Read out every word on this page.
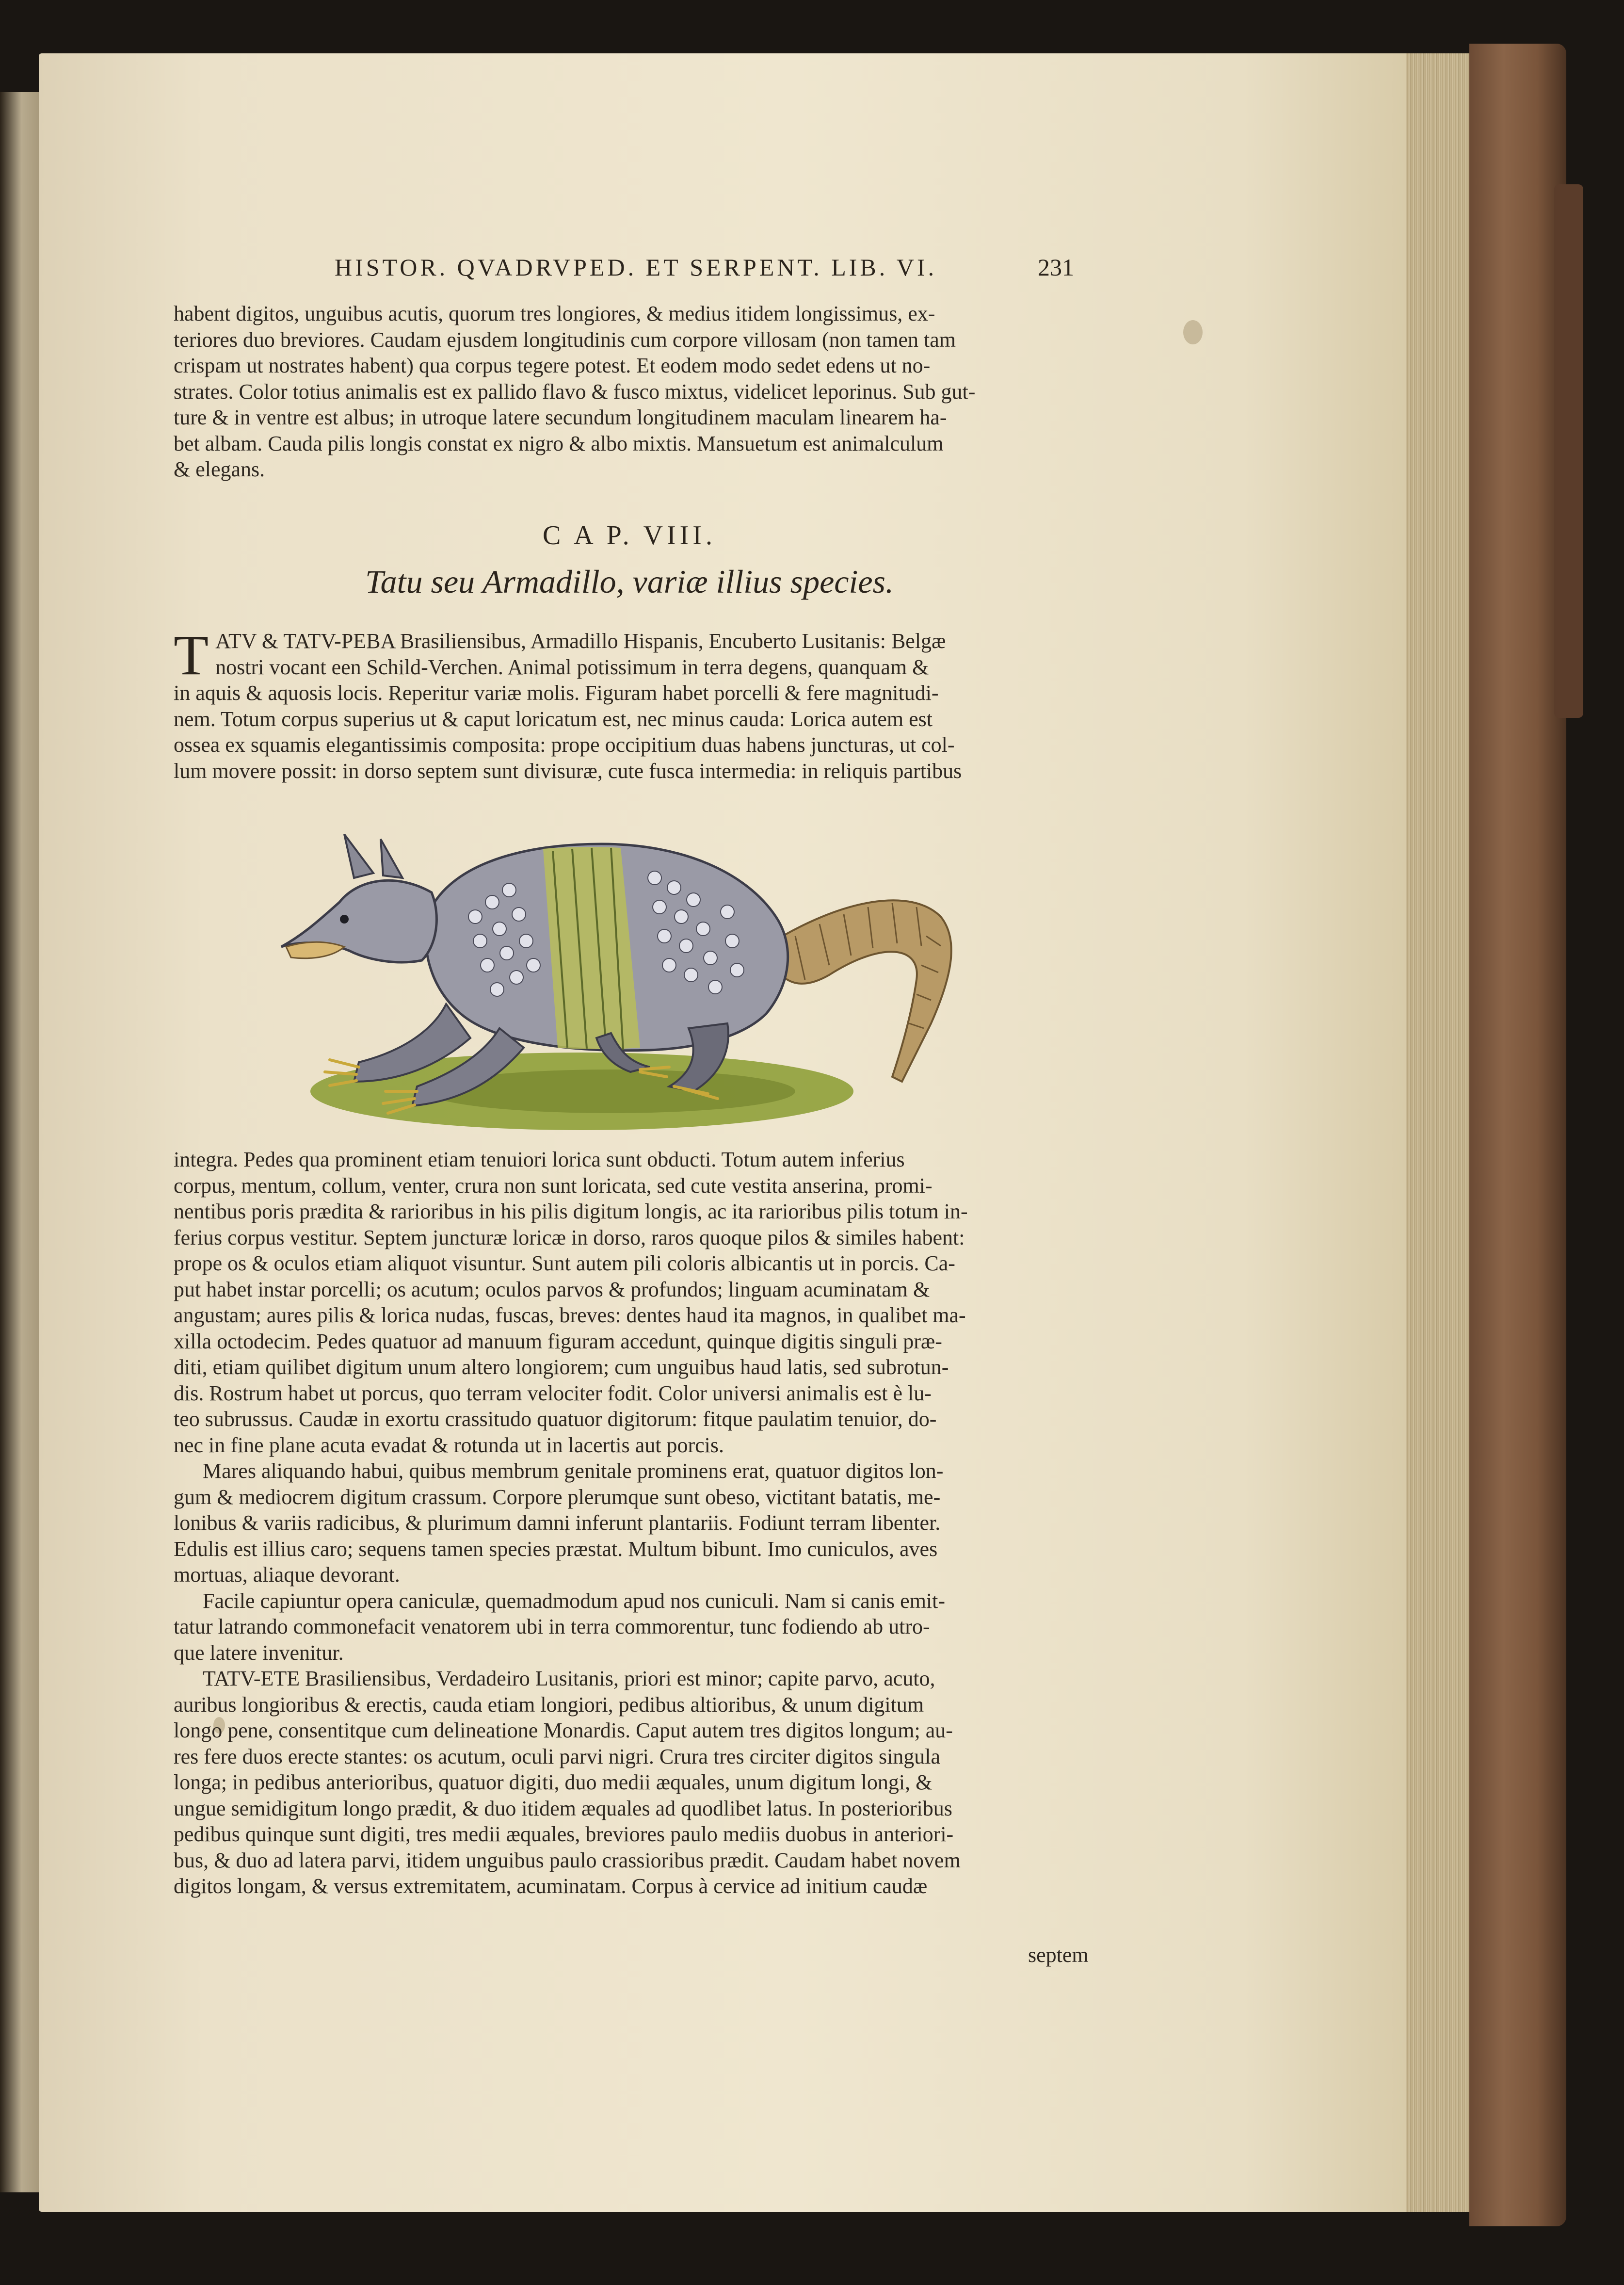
HISTOR. QVADRVPED. ET SERPENT. LIB. VI.	231

habent digitos, unguibus acutis, quorum tres longiores, & medius itidem longissimus, ex-

teriores duo breviores. Caudam ejusdem longitudinis cum corpore villosam (non tamen tam

crispam ut nostrates habent) qua corpus tegere potest. Et eodem modo sedet edens ut no-

strates. Color totius animalis est ex pallido flavo & fusco mixtus, videlicet leporinus. Sub gut-

ture & in ventre est albus; in utroque latere secundum longitudinem maculam linearem ha-

bet albam. Cauda pilis longis constat ex nigro & albo mixtis. Mansuetum est animalculum

& elegans.

C A P. VIII.
Tatu seu Armadillo, variæ illius species.
T ATV & TATV-PEBA Brasiliensibus, Armadillo Hispanis, Encuberto Lusitanis: Belgæ

nostri vocant een Schild-Verchen. Animal potissimum in terra degens, quanquam &

in aquis & aquosis locis. Reperitur variæ molis. Figuram habet porcelli & fere magnitudi-

nem. Totum corpus superius ut & caput loricatum est, nec minus cauda: Lorica autem est

ossea ex squamis elegantissimis composita: prope occipitium duas habens juncturas, ut col-

lum movere possit: in dorso septem sunt divisuræ, cute fusca intermedia: in reliquis partibus

integra. Pedes qua prominent etiam tenuiori lorica sunt obducti. Totum autem inferius

corpus, mentum, collum, venter, crura non sunt loricata, sed cute vestita anserina, promi-

nentibus poris prædita & rarioribus in his pilis digitum longis, ac ita rarioribus pilis totum in-

ferius corpus vestitur. Septem juncturæ loricæ in dorso, raros quoque pilos & similes habent:

prope os & oculos etiam aliquot visuntur. Sunt autem pili coloris albicantis ut in porcis. Ca-

put habet instar porcelli; os acutum; oculos parvos & profundos; linguam acuminatam &

angustam; aures pilis & lorica nudas, fuscas, breves: dentes haud ita magnos, in qualibet ma-

xilla octodecim. Pedes quatuor ad manuum figuram accedunt, quinque digitis singuli præ-

diti, etiam quilibet digitum unum altero longiorem; cum unguibus haud latis, sed subrotun-

dis. Rostrum habet ut porcus, quo terram velociter fodit. Color universi animalis est è lu-

teo subrussus. Caudæ in exortu crassitudo quatuor digitorum: fitque paulatim tenuior, do-

nec in fine plane acuta evadat & rotunda ut in lacertis aut porcis.

Mares aliquando habui, quibus membrum genitale prominens erat, quatuor digitos lon-

gum & mediocrem digitum crassum. Corpore plerumque sunt obeso, victitant batatis, me-

lonibus & variis radicibus, & plurimum damni inferunt plantariis. Fodiunt terram libenter.

Edulis est illius caro; sequens tamen species præstat. Multum bibunt. Imo cuniculos, aves

mortuas, aliaque devorant.

Facile capiuntur opera caniculæ, quemadmodum apud nos cuniculi. Nam si canis emit-

tatur latrando commonefacit venatorem ubi in terra commorentur, tunc fodiendo ab utro-

que latere invenitur.

TATV-ETE Brasiliensibus, Verdadeiro Lusitanis, priori est minor; capite parvo, acuto,

auribus longioribus & erectis, cauda etiam longiori, pedibus altioribus, & unum digitum

longo pene, consentitque cum delineatione Monardis. Caput autem tres digitos longum; au-

res fere duos erecte stantes: os acutum, oculi parvi nigri. Crura tres circiter digitos singula

longa; in pedibus anterioribus, quatuor digiti, duo medii æquales, unum digitum longi, &

ungue semidigitum longo prædit, & duo itidem æquales ad quodlibet latus. In posterioribus

pedibus quinque sunt digiti, tres medii æquales, breviores paulo mediis duobus in anteriori-

bus, & duo ad latera parvi, itidem unguibus paulo crassioribus prædit. Caudam habet novem

digitos longam, & versus extremitatem, acuminatam. Corpus à cervice ad initium caudæ

septem
